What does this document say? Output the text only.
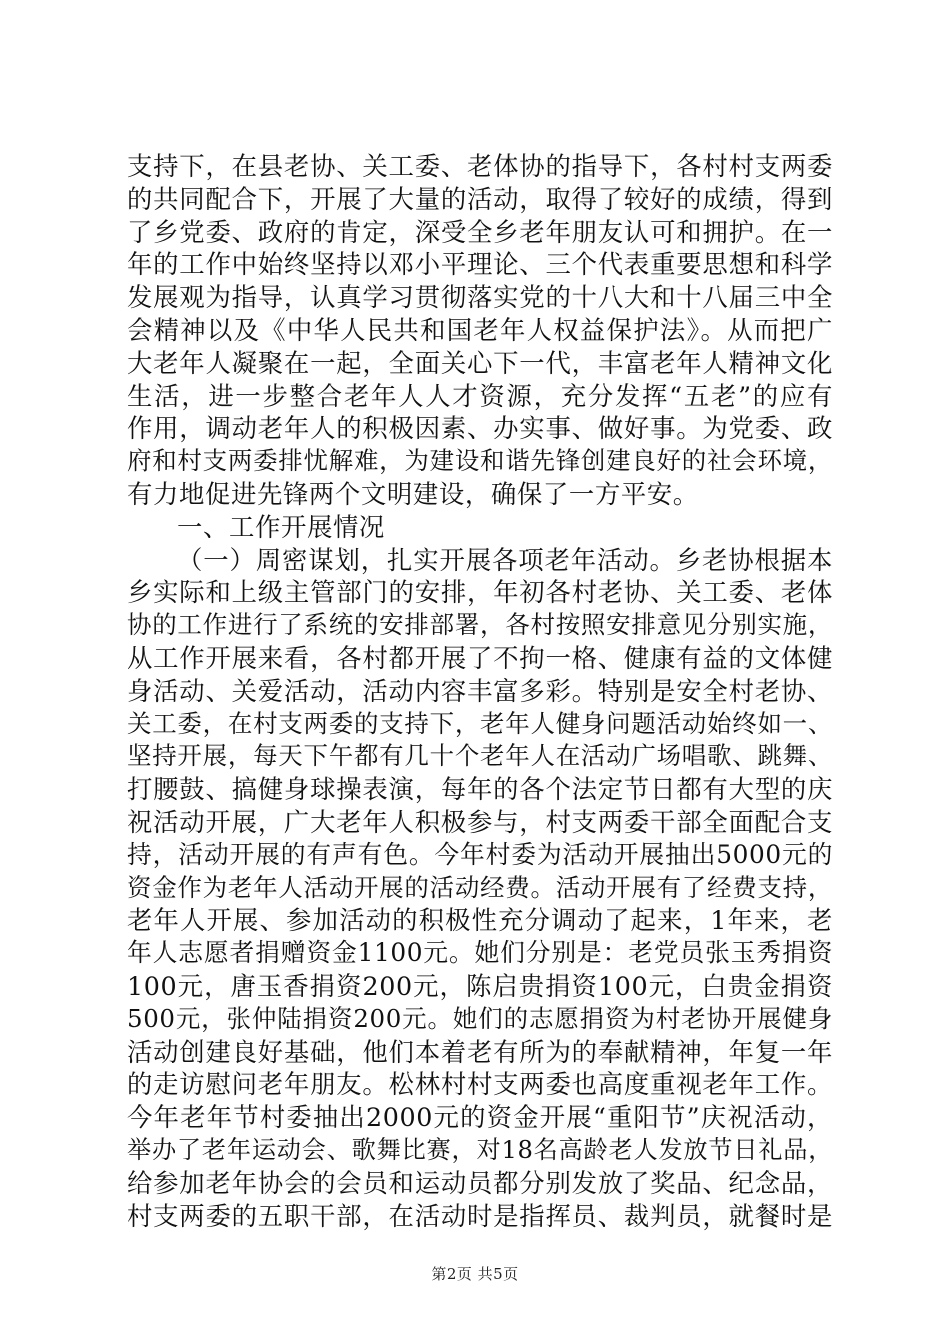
支持下，在县老协、关工委、老体协的指导下，各村村支两委
的共同配合下，开展了大量的活动，取得了较好的成绩，得到
了乡党委、政府的肯定，深受全乡老年朋友认可和拥护。在一
年的工作中始终坚持以邓小平理论、三个代表重要思想和科学
发展观为指导，认真学习贯彻落实党的十八大和十八届三中全
会精神以及《中华人民共和国老年人权益保护法》。从而把广
大老年人凝聚在一起，全面关心下一代，丰富老年人精神文化
生活，进一步整合老年人人才资源，充分发挥“五老”的应有
作用，调动老年人的积极因素、办实事、做好事。为党委、政
府和村支两委排忧解难，为建设和谐先锋创建良好的社会环境，
有力地促进先锋两个文明建设，确保了一方平安。
一、工作开展情况
（一）周密谋划，扎实开展各项老年活动。乡老协根据本
乡实际和上级主管部门的安排，年初各村老协、关工委、老体
协的工作进行了系统的安排部署，各村按照安排意见分别实施，
从工作开展来看，各村都开展了不拘一格、健康有益的文体健
身活动、关爱活动，活动内容丰富多彩。特别是安全村老协、
关工委，在村支两委的支持下，老年人健身问题活动始终如一、
坚持开展，每天下午都有几十个老年人在活动广场唱歌、跳舞、
打腰鼓、搞健身球操表演，每年的各个法定节日都有大型的庆
祝活动开展，广大老年人积极参与，村支两委干部全面配合支
持，活动开展的有声有色。今年村委为活动开展抽出5000元的
资金作为老年人活动开展的活动经费。活动开展有了经费支持，
老年人开展、参加活动的积极性充分调动了起来，1年来，老
年人志愿者捐赠资金1100元。她们分别是：老党员张玉秀捐资
100元，唐玉香捐资200元，陈启贵捐资100元，白贵金捐资
500元，张仲陆捐资200元。她们的志愿捐资为村老协开展健身
活动创建良好基础，他们本着老有所为的奉献精神，年复一年
的走访慰问老年朋友。松林村村支两委也高度重视老年工作。
今年老年节村委抽出2000元的资金开展“重阳节”庆祝活动，
举办了老年运动会、歌舞比赛，对18名高龄老人发放节日礼品，
给参加老年协会的会员和运动员都分别发放了奖品、纪念品，
村支两委的五职干部，在活动时是指挥员、裁判员，就餐时是
第2页 共5页
